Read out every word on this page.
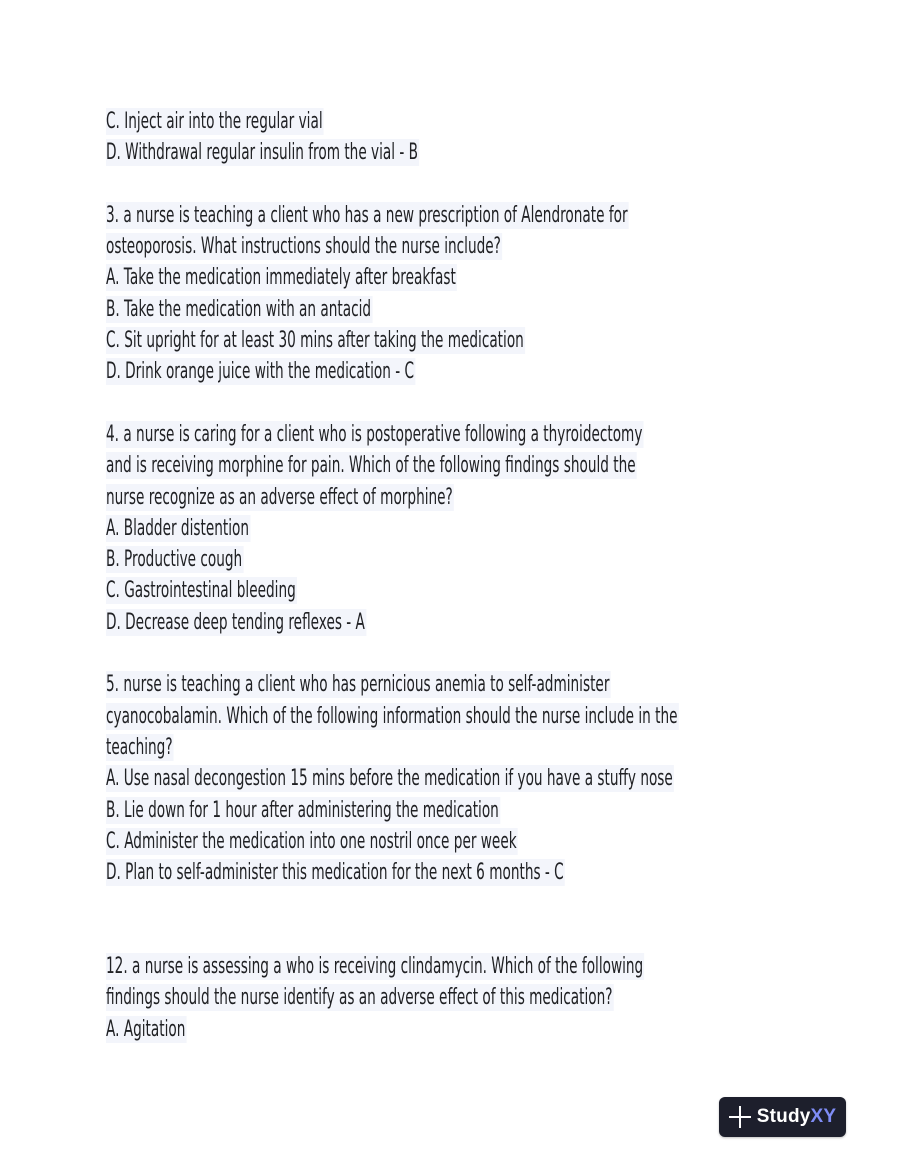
C. Inject air into the regular vial
D. Withdrawal regular insulin from the vial - B
3. a nurse is teaching a client who has a new prescription of Alendronate for
osteoporosis. What instructions should the nurse include?
A. Take the medication immediately after breakfast
B. Take the medication with an antacid
C. Sit upright for at least 30 mins after taking the medication
D. Drink orange juice with the medication - C
4. a nurse is caring for a client who is postoperative following a thyroidectomy
and is receiving morphine for pain. Which of the following findings should the
nurse recognize as an adverse effect of morphine?
A. Bladder distention
B. Productive cough
C. Gastrointestinal bleeding
D. Decrease deep tending reflexes - A
5. nurse is teaching a client who has pernicious anemia to self-administer
cyanocobalamin. Which of the following information should the nurse include in the
teaching?
A. Use nasal decongestion 15 mins before the medication if you have a stuffy nose
B. Lie down for 1 hour after administering the medication
C. Administer the medication into one nostril once per week
D. Plan to self-administer this medication for the next 6 months - C
12. a nurse is assessing a who is receiving clindamycin. Which of the following
findings should the nurse identify as an adverse effect of this medication?
A. Agitation
StudyXY
